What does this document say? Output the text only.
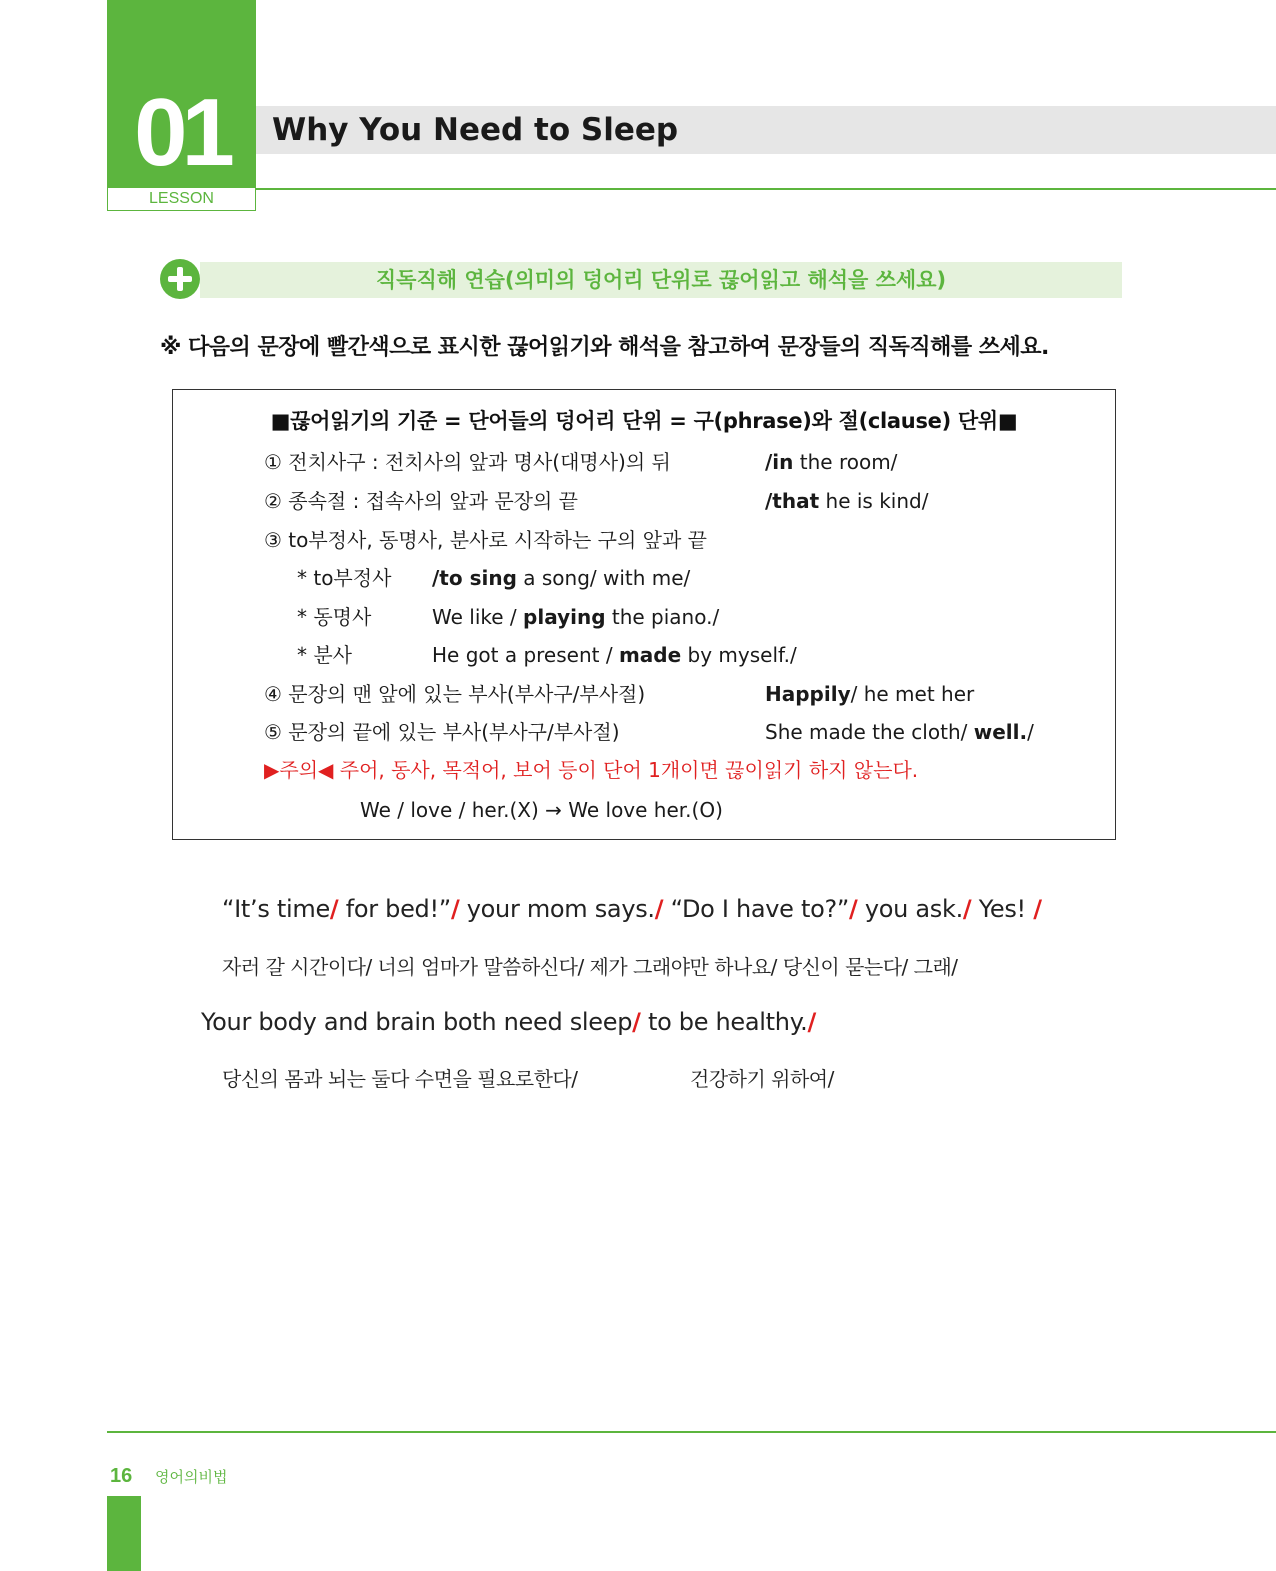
01
LESSON
Why You Need to Sleep
직독직해 연습(의미의 덩어리 단위로 끊어읽고 해석을 쓰세요)
※ 다음의 문장에 빨간색으로 표시한 끊어읽기와 해석을 참고하여 문장들의 직독직해를 쓰세요.
■끊어읽기의 기준 = 단어들의 덩어리 단위 = 구(phrase)와 절(clause) 단위■
① 전치사구 : 전치사의 앞과 명사(대명사)의 뒤	/in the room/
② 종속절 : 접속사의 앞과 문장의 끝	/that he is kind/
③ to부정사, 동명사, 분사로 시작하는 구의 앞과 끝
* to부정사 /to sing a song/ with me/
* 동명사	We like / playing the piano./
* 분사	He got a present / made by myself./
④ 문장의 맨 앞에 있는 부사(부사구/부사절)	Happily/ he met her
⑤ 문장의 끝에 있는 부사(부사구/부사절)	She made the cloth/ well./
▶주의◀ 주어, 동사, 목적어, 보어 등이 단어 1개이면 끊이읽기 하지 않는다.
We / love / her.(X) → We love her.(O)
“It’s time/ for bed!”/ your mom says./ “Do I have to?”/ you ask./ Yes! /
자러 갈 시간이다/ 너의 엄마가 말씀하신다/ 제가 그래야만 하나요/ 당신이 묻는다/ 그래/
Your body and brain both need sleep/ to be healthy./
당신의 몸과 뇌는 둘다 수면을 필요로한다/	건강하기 위하여/
16 영어의비법
